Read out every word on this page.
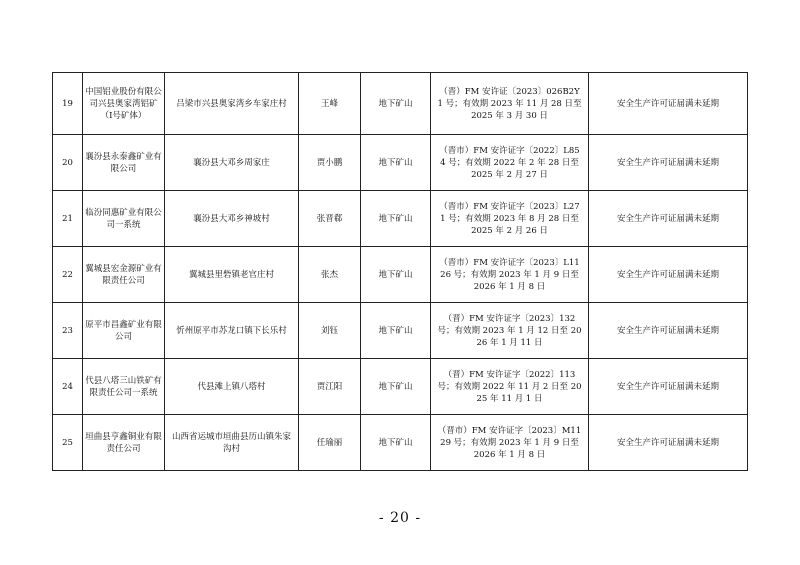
19	中国铝业股份有限公司兴县奥家湾铝矿（Ⅰ号矿体）	吕梁市兴县奥家湾乡车家庄村	王峰	地下矿山	（晋）FM 安许证〔2023〕026B2Y1 号；有效期 2023 年 11 月 28 日至 2025 年 3 月 30 日	安全生产许可证届满未延期
20	襄汾县永泰鑫矿业有限公司	襄汾县大邓乡周家庄	贾小鹏	地下矿山	（晋市）FM 安许证字〔2022〕L854 号；有效期 2022 年 2 年 28 日至 2025 年 2 月 27 日	安全生产许可证届满未延期
21	临汾同惠矿业有限公司一系统	襄汾县大邓乡神坡村	张晋郗	地下矿山	（晋市）FM 安许证字〔2023〕L271 号；有效期 2023 年 8 月 28 日至 2025 年 2 月 26 日	安全生产许可证届满未延期
22	翼城县宏金源矿业有限责任公司	翼城县里砦镇老官庄村	张杰	地下矿山	（晋市）FM 安许证字〔2023〕L1126 号；有效期 2023 年 1 月 9 日至 2026 年 1 月 8 日	安全生产许可证届满未延期
23	原平市昌鑫矿业有限公司	忻州原平市苏龙口镇下长乐村	刘钰	地下矿山	（晋）FM 安许证字〔2023〕132 号；有效期 2023 年 1 月 12 日至 2026 年 1 月 11 日	安全生产许可证届满未延期
24	代县八塔三山铁矿有限责任公司一系统	代县滩上镇八塔村	贾江阳	地下矿山	（晋）FM 安许证字〔2022〕113 号；有效期 2022 年 11 月 2 日至 2025 年 11 月 1 日	安全生产许可证届满未延期
25	垣曲县亨鑫铜业有限责任公司	山西省运城市垣曲县历山镇朱家沟村	任瑜丽	地下矿山	（晋市）FM 安许证字〔2023〕M1129 号；有效期 2023 年 1 月 9 日至 2026 年 1 月 8 日	安全生产许可证届满未延期
- 20 -
